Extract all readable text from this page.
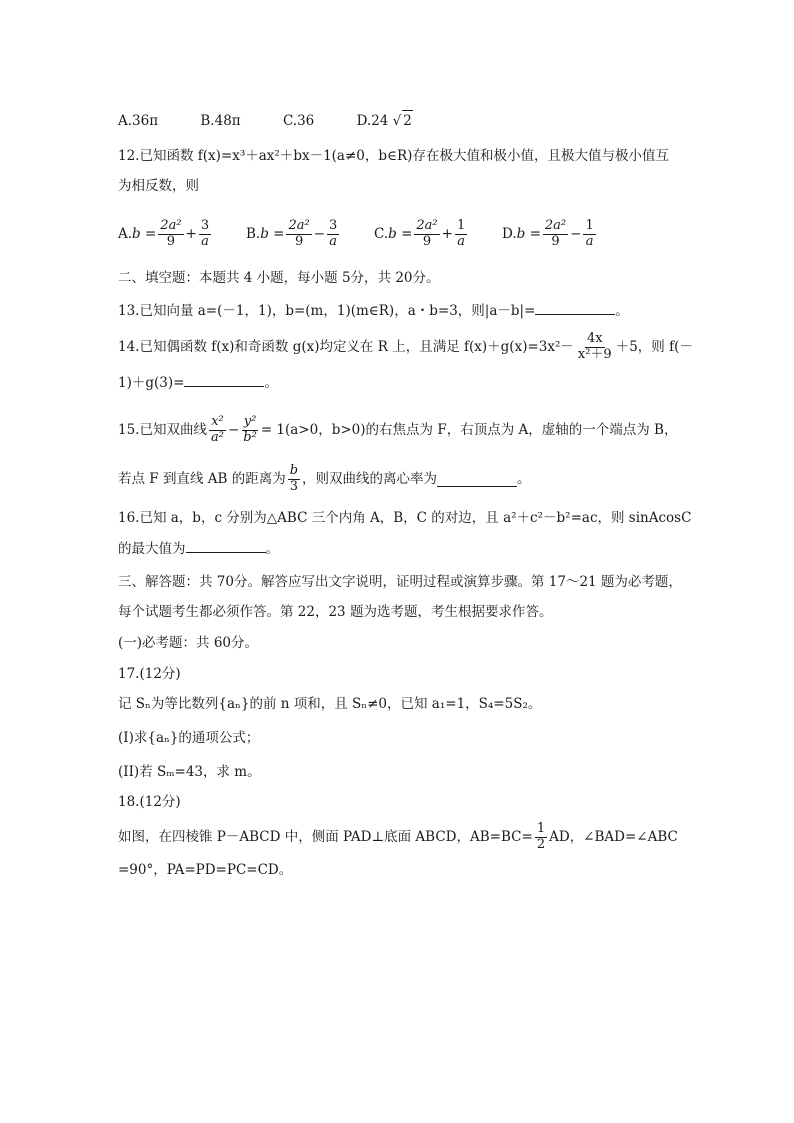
A.36π	B.48π	C.36	D.24 √ 2
12.已知函数 f(x)=x³＋ax²＋bx－1(a≠0，b∈R)存在极大值和极小值，且极大值与极小值互
为相反数，则
A. $b = \frac{\text{2a²}}{9} + \frac{3}{a}$	B. $b = \frac{\text{2a²}}{9} - \frac{3}{a}$	C. $b = \frac{\text{2a²}}{9} + \frac{1}{a}$	D. $b = \frac{\text{2a²}}{9} - \frac{1}{a}$
二、填空题：本题共 4 小题，每小题 5分，共 20分。
13.已知向量 a=(－1，1)，b=(m，1)(m∈R)，a・b=3，则|a－b|=	。
14.已知偶函数 f(x)和奇函数 g(x)均定义在 R 上，且满足 $f(x)+g(x)=3x^2- \frac{4x}{\text{x²＋9}} +5$，则 f(－
1)＋g(3)=	。
15.已知双曲线 $\frac{\text{x²}}{\text{a²}} - \frac{\text{y²}}{\text{b²}} = 1(a>0$，b>0)的右焦点为 F，右顶点为 A，虚轴的一个端点为 B，
若点 F 到直线 AB 的距离为 $\frac{b}{3}$ ，则双曲线的离心率为	。
16.已知 a，b，c 分别为△ABC 三个内角 A，B，C 的对边，且 a²＋c²－b²=ac，则 sinAcosC
的最大值为	。
三、解答题：共 70分。解答应写出文字说明，证明过程或演算步骤。第 17～21 题为必考题，
每个试题考生都必须作答。第 22，23 题为选考题，考生根据要求作答。
(一)必考题：共 60分。
17.(12分)
记 Sₙ为等比数列{aₙ}的前 n 项和，且 Sₙ≠0，已知 a₁=1，S₄=5S₂。
(I)求{aₙ}的通项公式；
(II)若 Sₘ=43，求 m。
18.(12分)
如图，在四棱锥 P－ABCD 中，侧面 PAD⊥底面 ABCD，$AB=BC= \frac{1}{2}$ AD，∠BAD=∠ABC
=90°，PA=PD=PC=CD。
